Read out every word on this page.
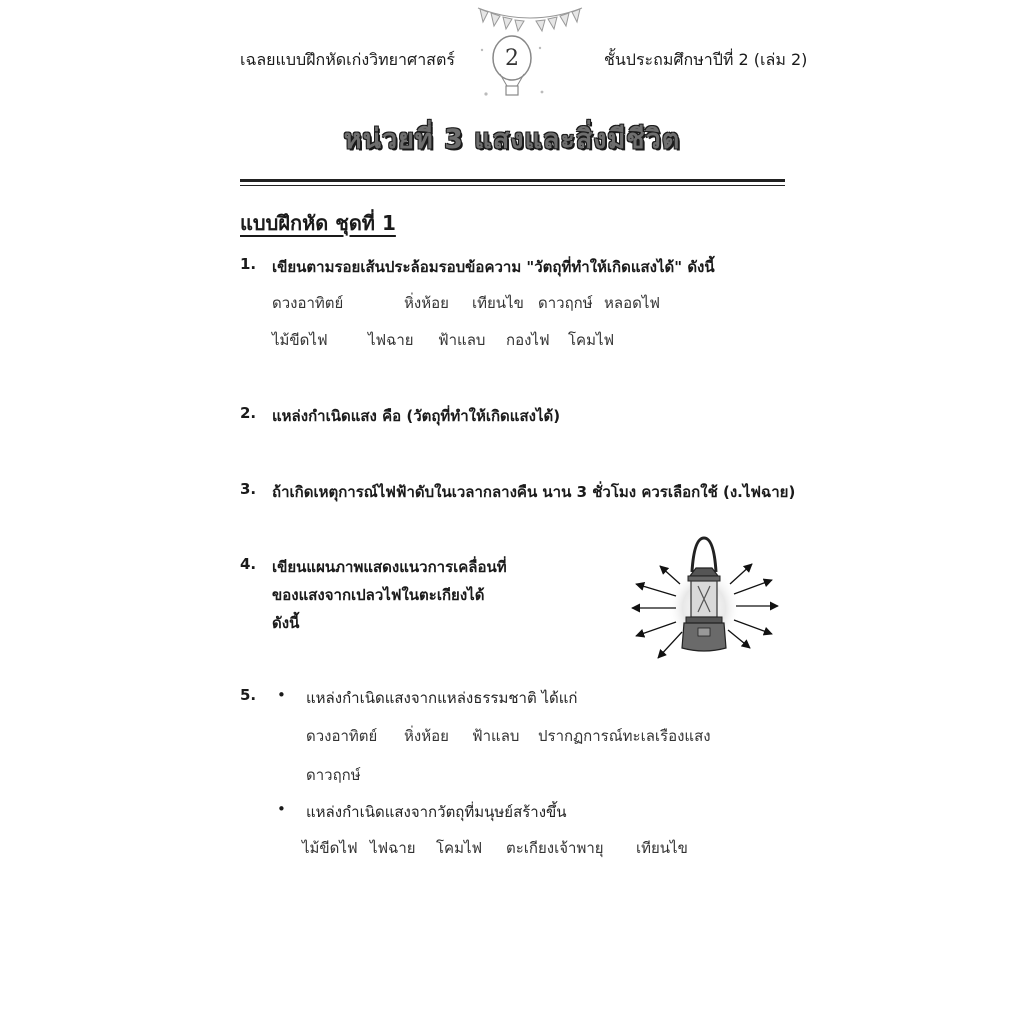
เฉลยแบบฝึกหัดเก่งวิทยาศาสตร์	2	ชั้นประถมศึกษาปีที่ 2 (เล่ม 2)
หน่วยที่ 3 แสงและสิ่งมีชีวิต
แบบฝึกหัด ชุดที่ 1
1. เขียนตามรอยเส้นประล้อมรอบข้อความ "วัตถุที่ทำให้เกิดแสงได้" ดังนี้
ดวงอาทิตย์	หิ่งห้อย เทียนไข ดาวฤกษ์ หลอดไฟ
ไม้ขีดไฟ	ไฟฉาย ฟ้าแลบ กองไฟ โคมไฟ
2. แหล่งกำเนิดแสง คือ (วัตถุที่ทำให้เกิดแสงได้)
3. ถ้าเกิดเหตุการณ์ไฟฟ้าดับในเวลากลางคืน นาน 3 ชั่วโมง ควรเลือกใช้ (ง.ไฟฉาย)
4. เขียนแผนภาพแสดงแนวการเคลื่อนที่
ของแสงจากเปลวไฟในตะเกียงได้
ดังนี้
5. • แหล่งกำเนิดแสงจากแหล่งธรรมชาติ ได้แก่
ดวงอาทิตย์ หิ่งห้อย ฟ้าแลบ ปรากฏการณ์ทะเลเรืองแสง
ดาวฤกษ์
• แหล่งกำเนิดแสงจากวัตถุที่มนุษย์สร้างขึ้น
ไม้ขีดไฟ ไฟฉาย โคมไฟ ตะเกียงเจ้าพายุ เทียนไข
